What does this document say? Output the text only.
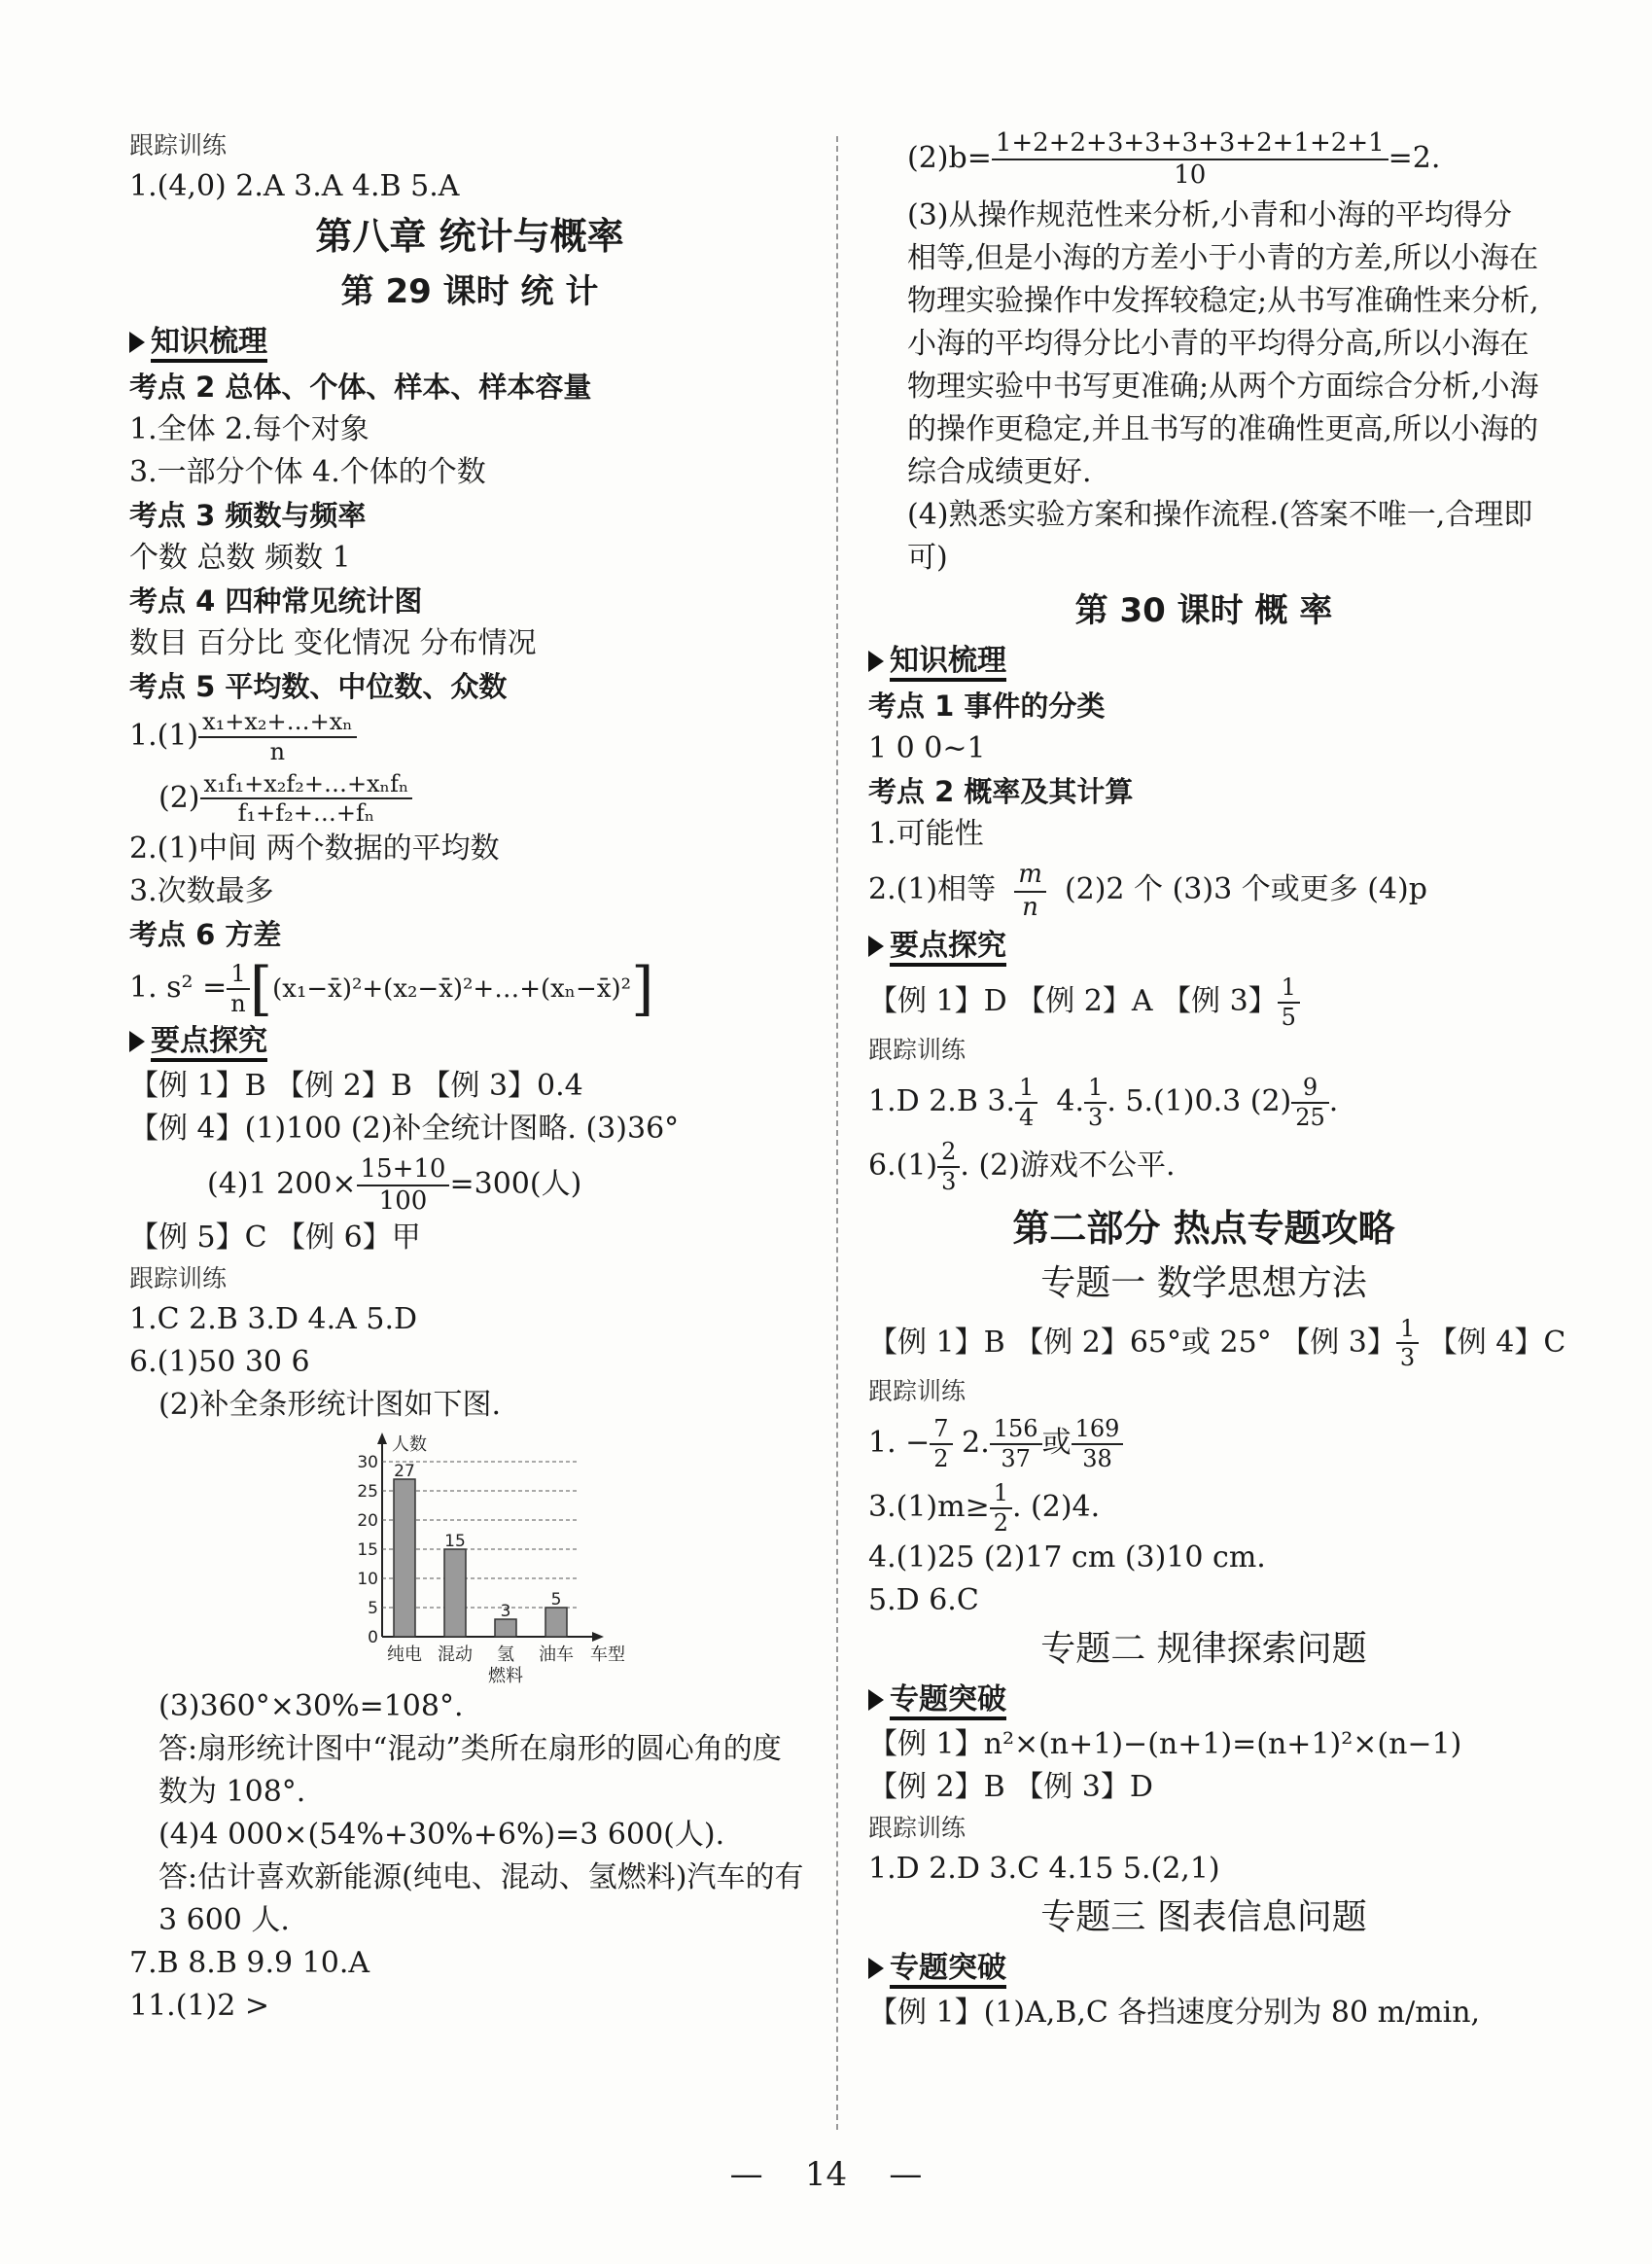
跟踪训练
1.(4,0) 2.A 3.A 4.B 5.A
第八章 统计与概率
第 29 课时 统 计
知识梳理
考点 2 总体、个体、样本、样本容量
1.全体 2.每个对象
3.一部分个体 4.个体的个数
考点 3 频数与频率
个数 总数 频数 1
考点 4 四种常见统计图
数目 百分比 变化情况 分布情况
考点 5 平均数、中位数、众数
$1.(1) \frac{\text{x₁+x₂+…+xₙ}}{n}$
$(2) \frac{\text{x₁f₁+x₂f₂+…+xₙfₙ}}{\text{f₁+f₂+…+fₙ}}$
2.(1)中间 两个数据的平均数
3.次数最多
考点 6 方差
1. $s^2 = \frac{1}{n}$ [(x₁−x̄)²+(x₂−x̄)²+…+(xₙ−x̄)²]
要点探究
【例 1】B 【例 2】B 【例 3】0.4
【例 4】(1)100 (2)补全统计图略. (3)36°
(4)1 $200\times \frac{15+10}{100} =300$(人)
【例 5】C 【例 6】甲
跟踪训练
1.C 2.B 3.D 4.A 5.D
6.(1)50 30 6
(2)补全条形统计图如下图.
人数
0
5
10
15
20
25
30 27
纯电
15
混动
3
氢
5
油车
燃料
车型
(3)360°×30%=108°.
答:扇形统计图中“混动”类所在扇形的圆心角的度数为 108°.
(4)4 000×(54%+30%+6%)=3 600(人).
答:估计喜欢新能源(纯电、混动、氢燃料)汽车的有 3 600 人.
7.B 8.B 9.9 10.A
11.(1)2 >
$(2)b= \frac{1+2+2+3+3+3+3+2+1+2+1}{10} =2$.
(3)从操作规范性来分析,小青和小海的平均得分相等,但是小海的方差小于小青的方差,所以小海在物理实验操作中发挥较稳定;从书写准确性来分析,小海的平均得分比小青的平均得分高,所以小海在物理实验中书写更准确;从两个方面综合分析,小海的操作更稳定,并且书写的准确性更高,所以小海的综合成绩更好.
(4)熟悉实验方案和操作流程.(答案不唯一,合理即可)
第 30 课时 概 率
知识梳理
考点 1 事件的分类
1 0 0~1
考点 2 概率及其计算
1.可能性
2.(1)相等 $\frac{m}{n} (2)2$ 个 (3)3 个或更多 (4)p
要点探究
【例 1】D 【例 2】A 【例 3】 $\frac{1}{5}$
跟踪训练
1.D 2.B 3. $\frac{1}{4} 4$. $\frac{1}{3}$ . 5.(1)0.3 $(2) \frac{9}{25}$ .
$6.(1) \frac{2}{3}$ . (2)游戏不公平.
第二部分 热点专题攻略
专题一 数学思想方法
【例 1】B 【例 2】65°或 25° 【例 3】 $\frac{1}{3}$ 【例 4】C
跟踪训练
1. − $\frac{7}{2} 2$. $\frac{156}{37}$ 或 $\frac{169}{38}$
$3.(1)m\ge \frac{1}{2}$ . (2)4.
4.(1)25 (2)17 cm (3)10 cm.
5.D 6.C
专题二 规律探索问题
专题突破
【例 1】n²×(n+1)−(n+1)=(n+1)²×(n−1)
【例 2】B 【例 3】D
跟踪训练
1.D 2.D 3.C 4.15 5.(2,1)
专题三 图表信息问题
专题突破
【例 1】(1)A,B,C 各挡速度分别为 80 m/min,
—    14    —
